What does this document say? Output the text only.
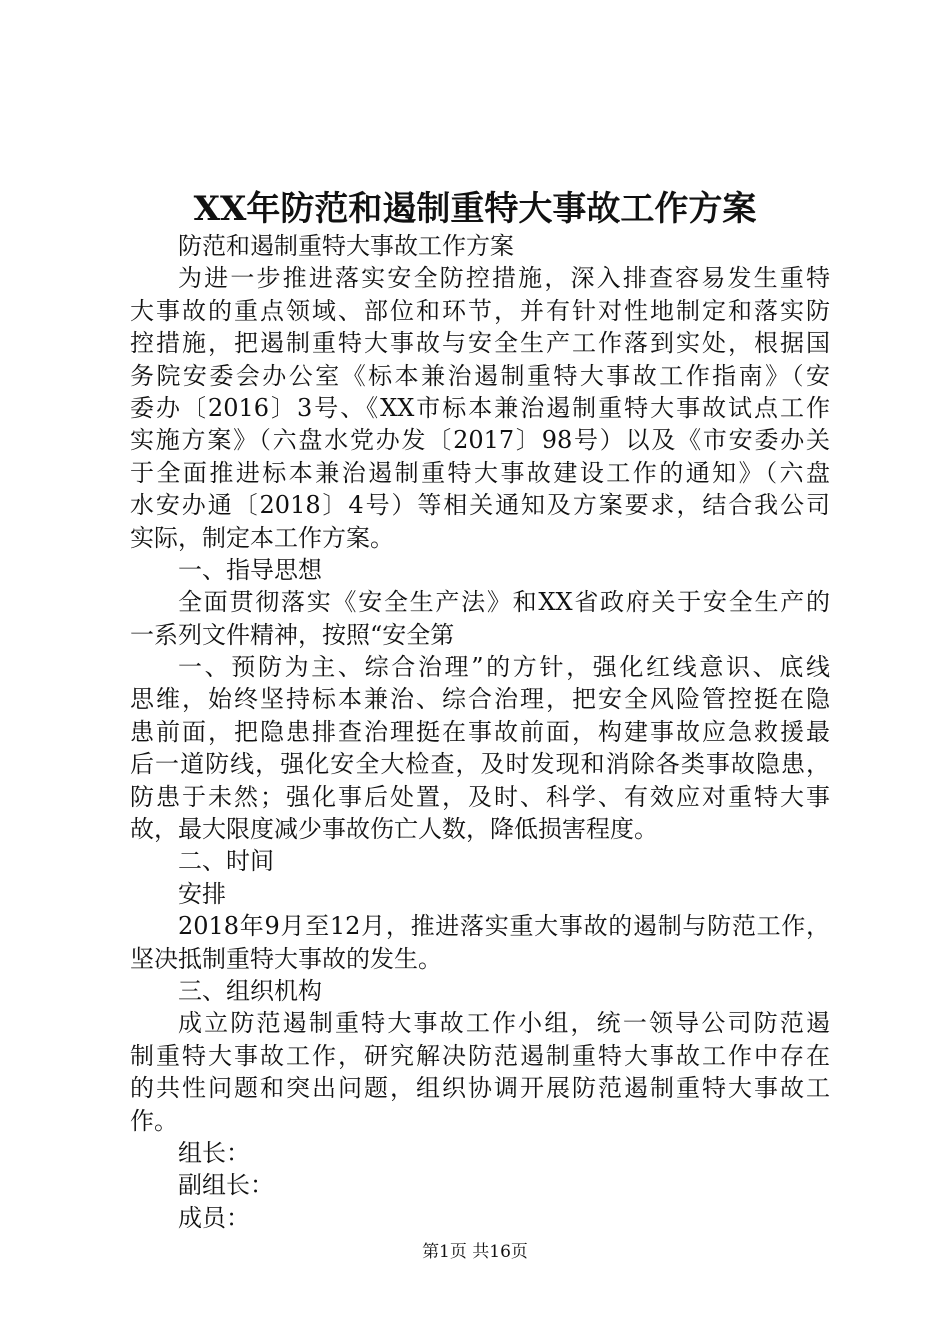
XX年防范和遏制重特大事故工作方案
防范和遏制重特大事故工作方案
为进一步推进落实安全防控措施，深入排查容易发生重特
大事故的重点领域、部位和环节，并有针对性地制定和落实防
控措施，把遏制重特大事故与安全生产工作落到实处，根据国
务院安委会办公室《标本兼治遏制重特大事故工作指南》（安
委办〔2016〕3号、《XX市标本兼治遏制重特大事故试点工作
实施方案》（六盘水党办发〔2017〕98号）以及《市安委办关
于全面推进标本兼治遏制重特大事故建设工作的通知》（六盘
水安办通〔2018〕4号）等相关通知及方案要求，结合我公司
实际，制定本工作方案。
一、指导思想
全面贯彻落实《安全生产法》和XX省政府关于安全生产的
一系列文件精神，按照“安全第
一、预防为主、综合治理”的方针，强化红线意识、底线
思维，始终坚持标本兼治、综合治理，把安全风险管控挺在隐
患前面，把隐患排查治理挺在事故前面，构建事故应急救援最
后一道防线，强化安全大检查，及时发现和消除各类事故隐患，
防患于未然；强化事后处置，及时、科学、有效应对重特大事
故，最大限度减少事故伤亡人数，降低损害程度。
二、时间
安排
2018年9月至12月，推进落实重大事故的遏制与防范工作，
坚决抵制重特大事故的发生。
三、组织机构
成立防范遏制重特大事故工作小组，统一领导公司防范遏
制重特大事故工作，研究解决防范遏制重特大事故工作中存在
的共性问题和突出问题，组织协调开展防范遏制重特大事故工
作。
组长：
副组长：
成员：
第1页 共16页
